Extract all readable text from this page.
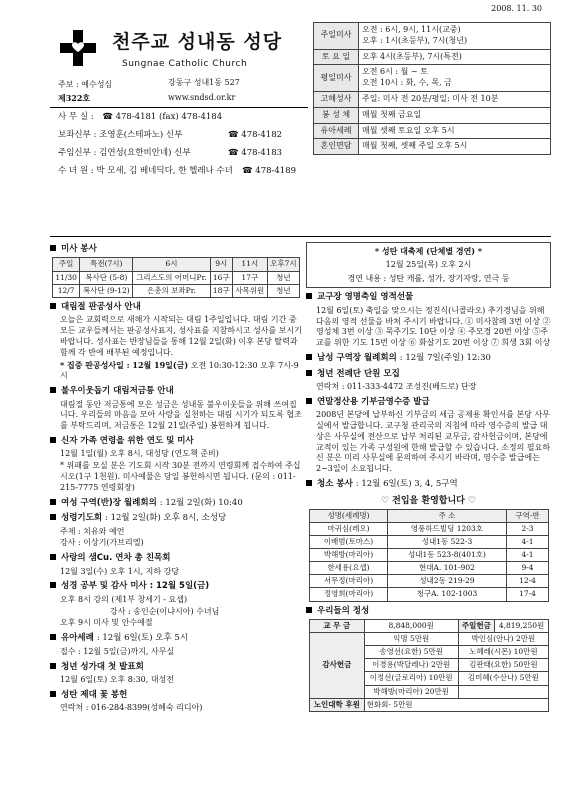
2008. 11. 30
천주교 성내동 성당
Sungnae Catholic Church
주보 : 예수성심	강동구 성내1동 527
제322호	www.sndsd.or.kr
사 무 실 : ☎ 478-4181 (fax) 478-4184
보좌신부 : 조영훈(스테파노) 신부	☎ 478-4182
주임신부 : 김연성(요한비안네) 신부	☎ 478-4183
수 녀 원 : 박 모세, 김 베네딕다, 한 헬레나 수녀 ☎ 478-4189
주일미사	오전 : 6시, 9시, 11시(교중)
오후 : 1시(초등부), 7시(청년)

토 요 일	오후 4시(초등부), 7시(특전)
평일미사	오전 6시 : 월 ~ 토
오전 10시 : 화, 수, 목, 금

고해성사	주일: 미사 전 20분/평일: 미사 전 10분
봉 성 체	매월 첫째 금요일
유아세례	매월 셋째 토요일 오후 5시
혼인면담	매월 첫째, 셋째 주일 오후 5시
미사 봉사
주일	특전(7시)	6시	9시	11시	오후7시
11/30	복사단 (5-8)	그리스도의 어머니Pr.	16구	17구	청년
12/7	복사단 (9-12)	은총의 보좌Pr.	18구	사목위원	청년
대림절 판공성사 안내
오늘은 교회력으로 새해가 시작되는 대림 1주일입니다. 대림 기간 중 모든 교우들께서는 판공성사표지, 성사표를 지참하시고 성사를 보시기 바랍니다. 성사표는 반장님들을 통해 12월 2일(화) 이후 본당 탈력과 함께 각 반에 배부된 예정입니다.
* 집중 판공성사일 : 12월 19일(금) 오전 10:30-12:30 오후 7시-9시
불우이웃돕기 대림저금통 안내
대림절 동안 저금통에 모은 성금은 성내동 불우이웃들을 위해 쓰여집니다. 우리들의 마음을 모아 사랑을 실천하는 대림 시기가 되도록 협조를 부탁드리며, 저금통은 12월 21일(주일) 봉헌하게 됩니다.
신자 가족 연령을 위한 연도 및 미사
12월 1일(월) 오후 8시, 대성당 (연도책 준비)
* 위패를 모실 분은 기도회 시작 30분 전까지 연령회께 접수하여 주십시오(1구 1천원). 미사예물은 당일 봉헌하시면 됩니다. (문의 : 011-215-7775 연령회장)
여성 구역(반)장 월례회의 : 12월 2일(화) 10:40
성령기도회 : 12월 2일(화) 오후 8시, 소성당
주제 : 치유와 예언
강사 : 이상기(가브리엘)
사랑의 샘Cu. 연차 총 친목회
12월 3일(수) 오후 1시, 지하 강당
성경 공부 및 감사 미사 : 12월 5일(금)
오후 8시 강의 (제1부 창세기 - 요셉)
강사 : 송인순(이냐시아) 수녀님
오후 9시 미사 및 안수예절
유아세례 : 12월 6일(토) 오후 5시
접수 : 12월 5일(금)까지, 사무실
청년 성가대 첫 발표회
12월 6일(토) 오후 8:30, 대성전
성탄 제대 꽃 봉헌
연락처 : 016-284-8399(성혜숙 리디아)
* 성탄 대축제 (단체별 경연) *
12월 25일(목) 오후 2시
경연 내용 : 성탄 캐롤, 성가, 장기자랑, 연극 등
교구장 영명축일 영적선물
12월 6일(토) 축일을 맞으시는 정진식(니콜라오) 추기경님을 위해 다음의 영적 선물을 바쳐 주시기 바랍니다. ① 미사참례 3번 이상 ② 영성체 3번 이상 ③ 묵주기도 10단 이상 ④ 주모경 20번 이상 ⑤주교를 위한 기도 15번 이상 ⑥ 화살기도 20번 이상 ⑦ 희생 3회 이상
남성 구역장 월례회의 : 12월 7일(주일) 12:30
청년 전례단 단원 모집
연락처 : 011-333-4472 조성진(베드로) 단장
연말정산용 기부금영수증 발급
2008년 본당에 납부하신 기부금의 세금 공제용 확인서를 본당 사무실에서 발급합니다. 교구청 관리국의 지침에 따라 영수증의 발급 대상은 사무실에 전산으로 납부 처리된 교무금, 감사헌금이며, 본당에 교적이 있는 가족 구성원에 한해 발급할 수 있습니다. 소정의 필요하신 분은 미리 사무실에 문의하여 주시기 바라며, 영수증 발급에는 2~3일이 소요됩니다.
청소 봉사 : 12월 6일(토) 3, 4, 5구역
♡ 전입을 환영합니다 ♡
성명(세례명)	주 소	구역-반
마귀심(레오)	영풍하드빌딩 1203호	2-3
이배범(토마스)	성내1동 522-3	4-1
박해방(마리아)	성내1동 523-8(401호)	4-1
한세용(요셉)	현대A. 101-902	9-4
서무정(마리아)	성내2동 219-29	12-4
정영희(마리아)	청구A. 102-1003	17-4
우리들의 정성
교 무 금	8,848,000원	주일헌금	4,819,250원
감사헌금	익명 5만원	박인심(안나) 2만원	
	송영선(요한) 5만원	노혜레(시몬) 10만원	
	이경용(박달레나) 2만원	김판태(요한) 50만원	
	이정선(글로리아) 10만원	김미혜(수산나) 5만원	
	박해방(마리아) 20만원		
노인대학 후원	현화회- 5만원		
